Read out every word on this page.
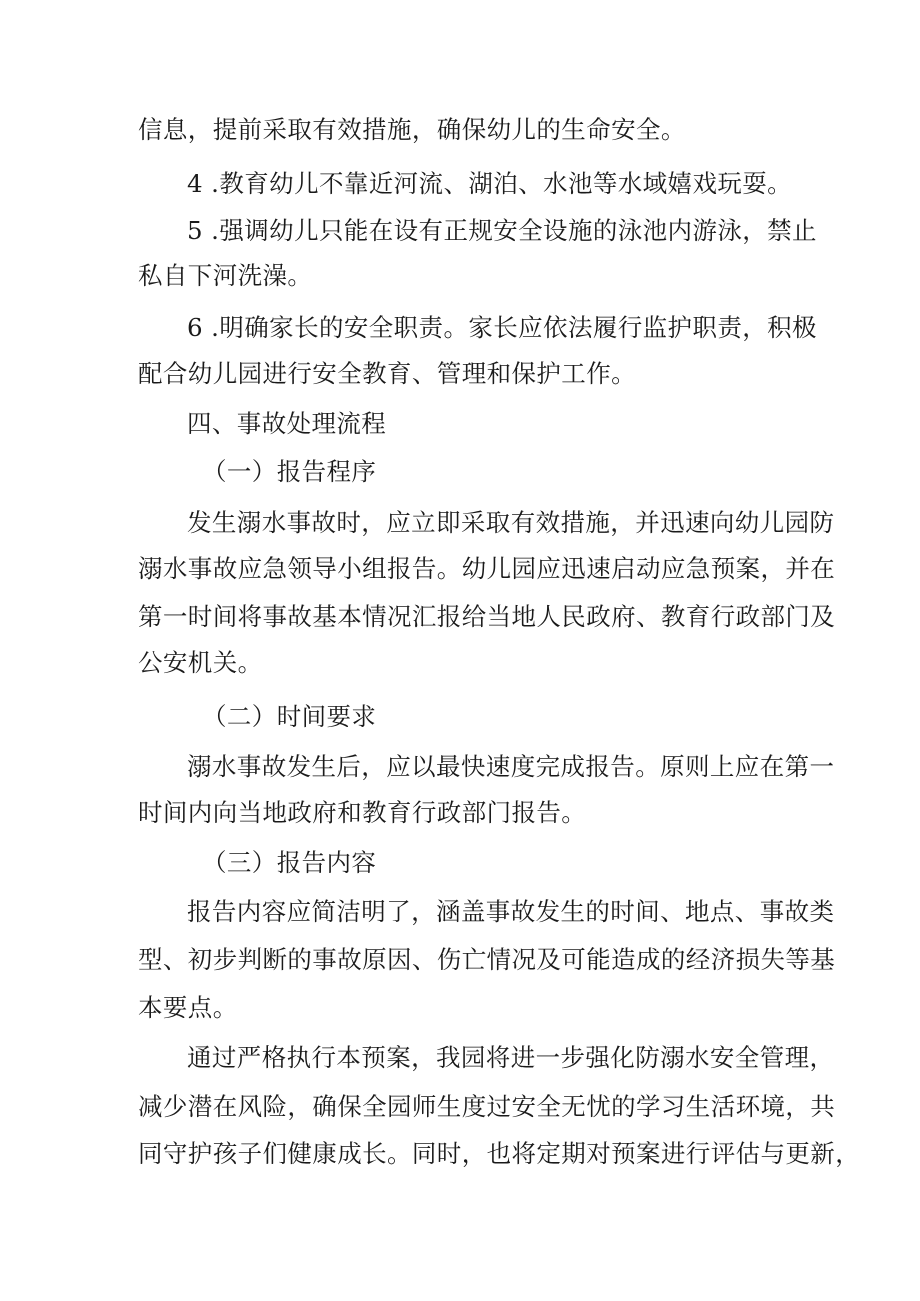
信息，提前采取有效措施，确保幼儿的生命安全。
4 .教育幼儿不靠近河流、湖泊、水池等水域嬉戏玩耍。
5 .强调幼儿只能在设有正规安全设施的泳池内游泳，禁止
私自下河洗澡。
6 .明确家长的安全职责。家长应依法履行监护职责，积极
配合幼儿园进行安全教育、管理和保护工作。
四、事故处理流程
（一）报告程序
发生溺水事故时，应立即采取有效措施，并迅速向幼儿园防
溺水事故应急领导小组报告。幼儿园应迅速启动应急预案，并在
第一时间将事故基本情况汇报给当地人民政府、教育行政部门及
公安机关。
（二）时间要求
溺水事故发生后，应以最快速度完成报告。原则上应在第一
时间内向当地政府和教育行政部门报告。
（三）报告内容
报告内容应简洁明了，涵盖事故发生的时间、地点、事故类
型、初步判断的事故原因、伤亡情况及可能造成的经济损失等基
本要点。
通过严格执行本预案，我园将进一步强化防溺水安全管理，
减少潜在风险，确保全园师生度过安全无忧的学习生活环境，共
同守护孩子们健康成长。同时，也将定期对预案进行评估与更新，
